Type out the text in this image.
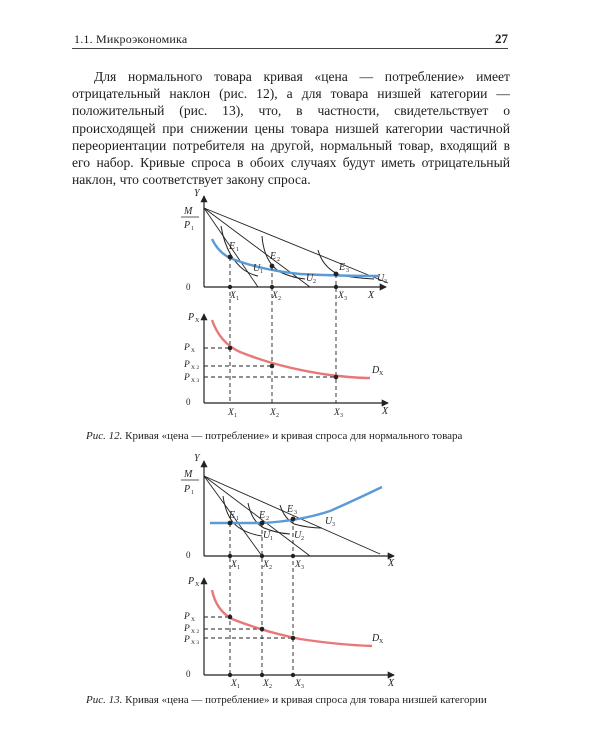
1.1. Микроэкономика	27

Для нормального товара кривая «цена — потребление» имеет отрицательный наклон (рис. 12), а для товара низшей категории — положительный (рис. 13), что, в частности, свидетельствует о происходящей при снижении цены товара низшей категории частичной переориентации потребителя на другой, нормальный товар, входящий в его набор. Кривые спроса в обоих случаях будут иметь отрицательный наклон, что соответствует закону спроса.

Y
X
0
M
P 1
E 1
E 2
E 3
U 1
U 2	U 3
X 1	X 2	X 3
P X
X
0
D X
P X
P X 2
P X 3
X 1	X 2	X 3
Рис. 12. Кривая «цена — потребление» и кривая спроса для нормального товара
Y
X
0
M
P 1
E 1 E 2
E 3
U 1 U 2
U 3
X 1 X 2 X 3
P X
X
0
D X
P X
P X 2
P X 3
X 1 X 2 X 3
Рис. 13. Кривая «цена — потребление» и кривая спроса для товара низшей категории
